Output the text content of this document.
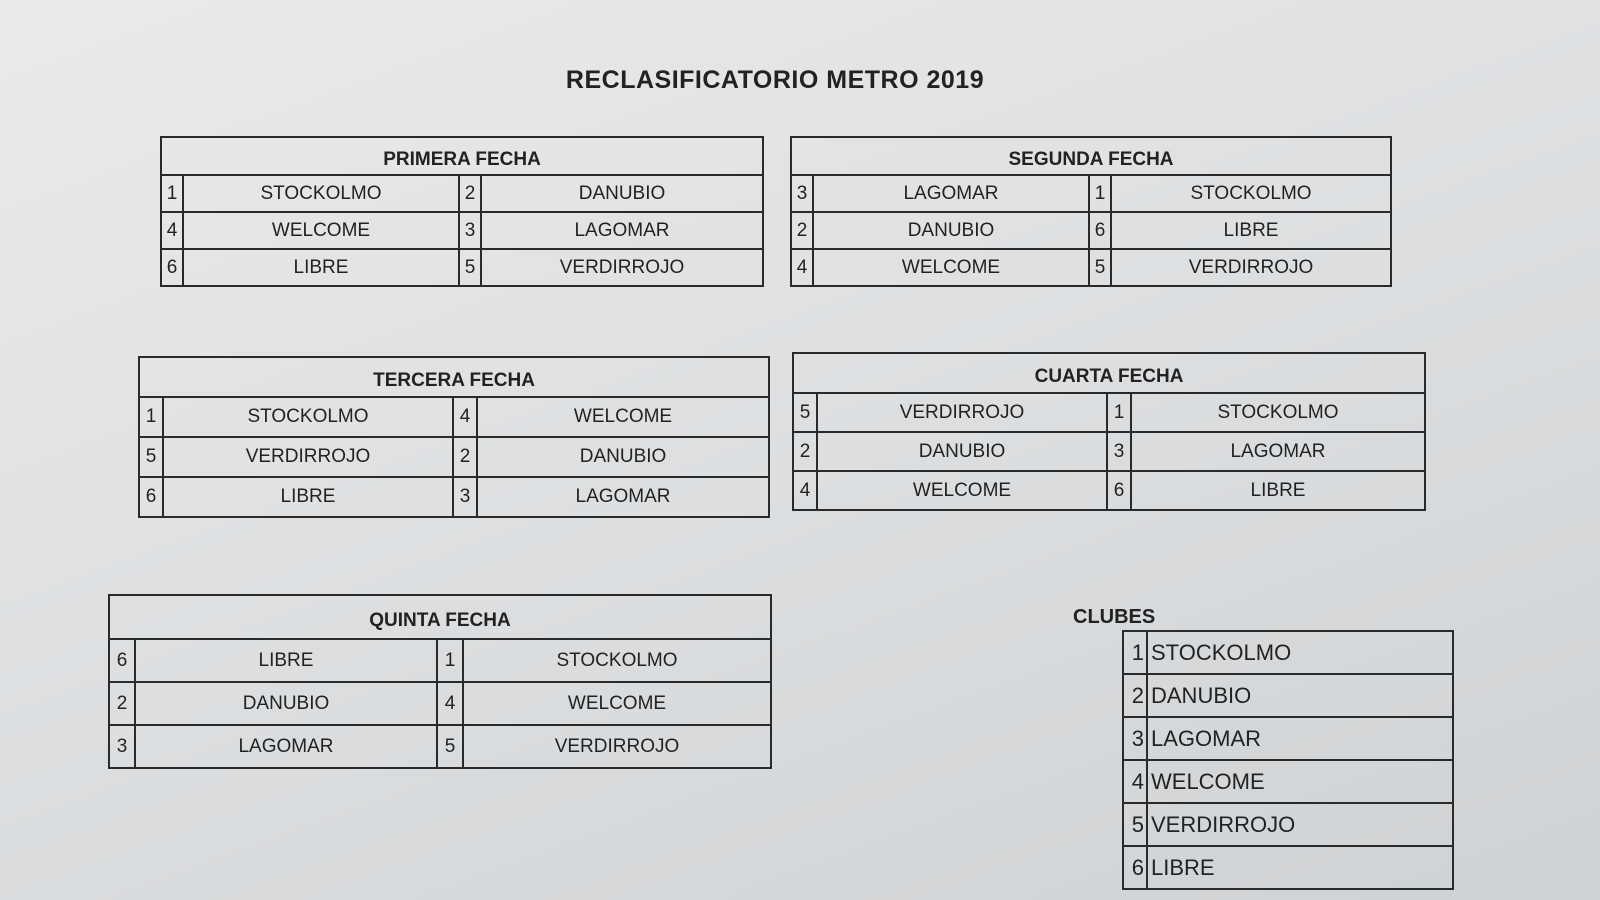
RECLASIFICATORIO METRO 2019
PRIMERA FECHA			
1	STOCKOLMO	2	DANUBIO
4	WELCOME	3	LAGOMAR
6	LIBRE	5	VERDIRROJO
SEGUNDA FECHA			
3	LAGOMAR	1	STOCKOLMO
2	DANUBIO	6	LIBRE
4	WELCOME	5	VERDIRROJO
TERCERA FECHA			
1	STOCKOLMO	4	WELCOME
5	VERDIRROJO	2	DANUBIO
6	LIBRE	3	LAGOMAR
CUARTA FECHA			
5	VERDIRROJO	1	STOCKOLMO
2	DANUBIO	3	LAGOMAR
4	WELCOME	6	LIBRE
QUINTA FECHA			
6	LIBRE	1	STOCKOLMO
2	DANUBIO	4	WELCOME
3	LAGOMAR	5	VERDIRROJO
CLUBES
1	STOCKOLMO
2	DANUBIO
3	LAGOMAR
4	WELCOME
5	VERDIRROJO
6	LIBRE
